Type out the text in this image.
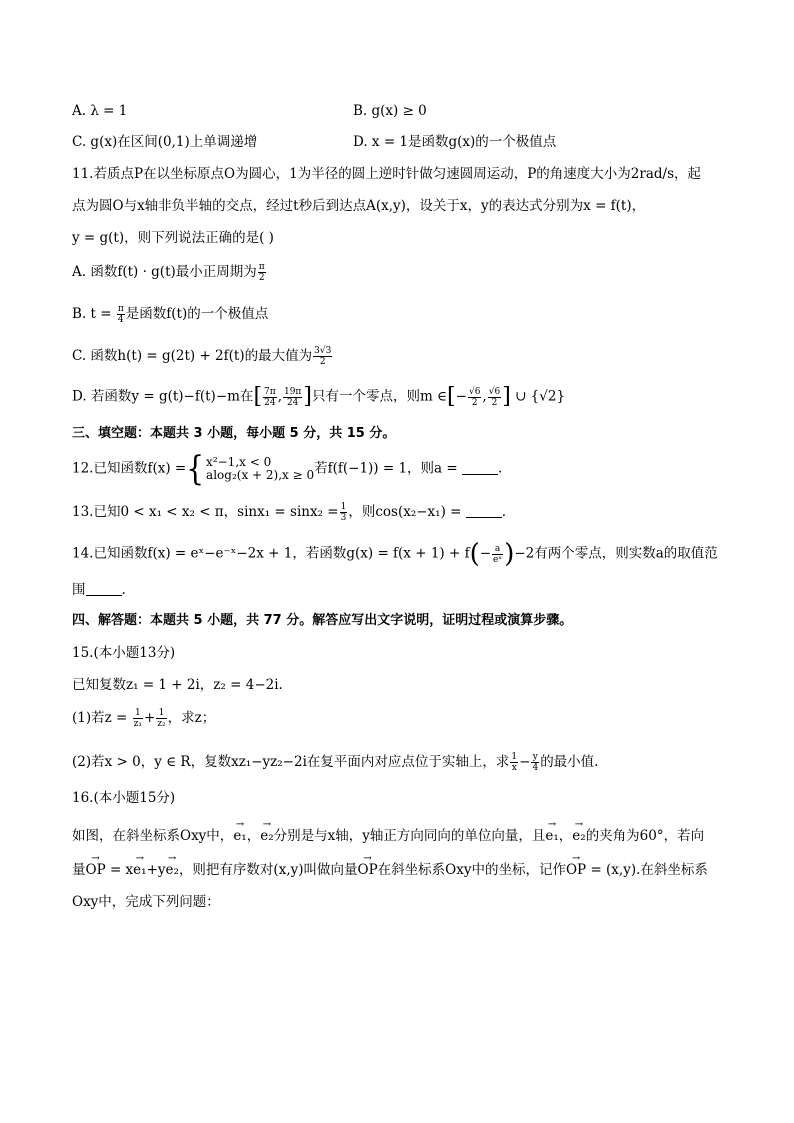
A. λ = 1	B. g(x) ≥ 0
C. g(x)在区间(0,1)上单调递增	D. x = 1是函数g(x)的一个极值点
11.若质点P在以坐标原点O为圆心，1为半径的圆上逆时针做匀速圆周运动，P的角速度大小为2rad/s，起
点为圆O与x轴非负半轴的交点，经过t秒后到达点A(x,y)，设关于x，y的表达式分别为x = f(t)，
y = g(t)，则下列说法正确的是( )
A. 函数f(t) · g(t)最小正周期为 $\frac{\pi}{2}$
B. $t = \frac{\pi}{4}$ 是函数f(t)的一个极值点
C. 函数h(t) = g(2t) + 2f(t)的最大值为 $\frac{3√3}{2}$
D. 若函数y = g(t)−f(t)−m在[ $\frac{7\pi}{24}$ , $\frac{19\pi}{24}$ ]只有一个零点，则m ∈[− $\frac{√6}{2}$ , $\frac{√6}{2}$ ] ∪ {√2}
三、填空题：本题共 3 小题，每小题 5 分，共 15 分。
12.已知函数f(x) ={ x²−1,x < 0
alog₂(x + 2),x ≥ 0 若f(f(−1)) = 1，则a =	.
13.已知0 < x₁ < x₂ < π，$\sin x_1 = \sin x_2 = \frac{1}{3}$ ，则cos(x₂−x₁) =	.
14.已知函数f(x) = eˣ−e⁻ˣ−2x + 1，若函数$g(x) = f(x + 1) + f(- \frac{a}{\text{eˣ}} )-2$有两个零点，则实数a的取值范
围	.
四、解答题：本题共 5 小题，共 77 分。解答应写出文字说明，证明过程或演算步骤。
15.(本小题13分)
已知复数z₁ = 1 + 2i，z₂ = 4−2i.
(1)若$z = \frac{1}{\text{z₁}} + \frac{1}{\text{z₂}}$ ，求z；
(2)若x > 0，y ∈ R，复数xz₁−yz₂−2i在复平面内对应点位于实轴上，求 $\frac{1}{x} - \frac{y}{4}$ 的最小值.
16.(本小题15分)
如图，在斜坐标系Oxy中，→ e₁，→ e₂分别是与x轴，y轴正方向同向的单位向量，且→ e₁，→ e₂的夹角为60°，若向
量→ OP = x→ e₁+y→ e₂，则把有序数对(x,y)叫做向量→ OP在斜坐标系Oxy中的坐标，记作→ OP = (x,y).在斜坐标系
Oxy中，完成下列问题：
